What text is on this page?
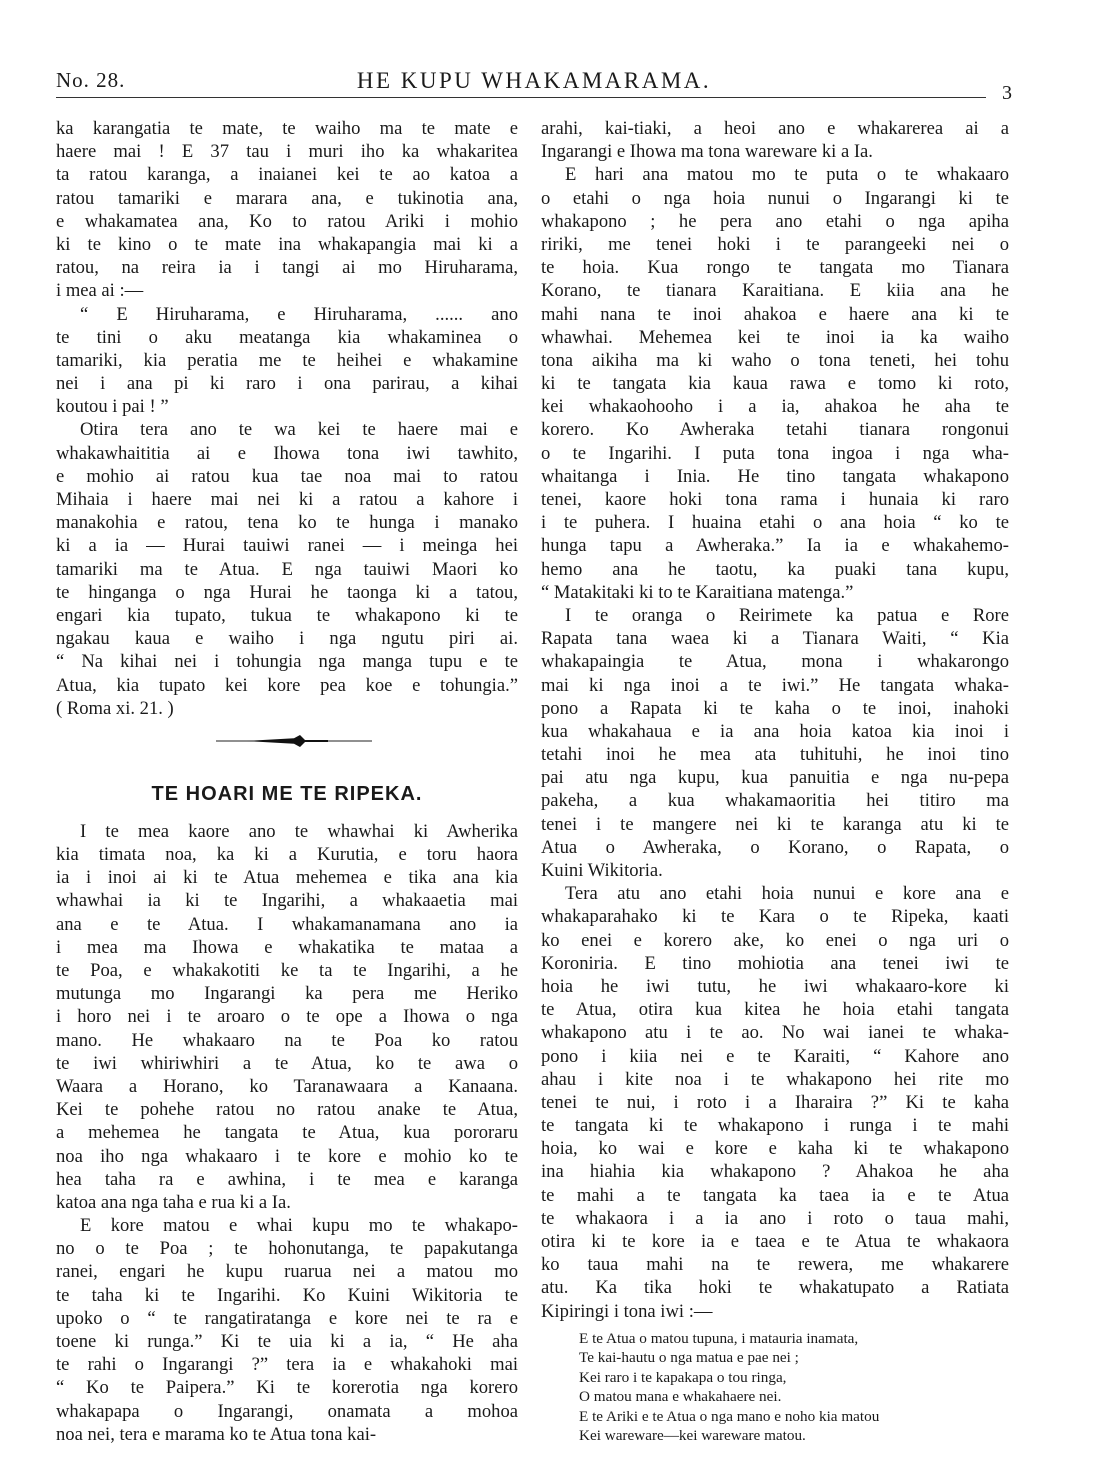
No. 28.	HE KUPU WHAKAMARAMA.	3
ka karangatia te mate, te waiho ma te mate e
haere mai ! E 37 tau i muri iho ka whakaritea
ta ratou karanga, a inaianei kei te ao katoa a
ratou tamariki e marara ana, e tukinotia ana,
e whakamatea ana, Ko to ratou Ariki i mohio
ki te kino o te mate ina whakapangia mai ki a
ratou, na reira ia i tangi ai mo Hiruharama,
i mea ai :—
“ E Hiruharama, e Hiruharama, ...... ano
te tini o aku meatanga kia whakaminea o
tamariki, kia peratia me te heihei e whakamine
nei i ana pi ki raro i ona parirau, a kihai
koutou i pai ! ”
Otira tera ano te wa kei te haere mai e
whakawhaititia ai e Ihowa tona iwi tawhito,
e mohio ai ratou kua tae noa mai to ratou
Mihaia i haere mai nei ki a ratou a kahore i
manakohia e ratou, tena ko te hunga i manako
ki a ia — Hurai tauiwi ranei — i meinga hei
tamariki ma te Atua. E nga tauiwi Maori ko
te hinganga o nga Hurai he taonga ki a tatou,
engari kia tupato, tukua te whakapono ki te
ngakau kaua e waiho i nga ngutu piri ai.
“ Na kihai nei i tohungia nga manga tupu e te
Atua, kia tupato kei kore pea koe e tohungia.”
( Roma xi. 21. )
TE HOARI ME TE RIPEKA.
I te mea kaore ano te whawhai ki Awherika
kia timata noa, ka ki a Kurutia, e toru haora
ia i inoi ai ki te Atua mehemea e tika ana kia
whawhai ia ki te Ingarihi, a whakaaetia mai
ana e te Atua. I whakamanamana ano ia
i mea ma Ihowa e whakatika te mataa a
te Poa, e whakakotiti ke ta te Ingarihi, a he
mutunga mo Ingarangi ka pera me Heriko
i horo nei i te aroaro o te ope a Ihowa o nga
mano. He whakaaro na te Poa ko ratou
te iwi whiriwhiri a te Atua, ko te awa o
Waara a Horano, ko Taranawaara a Kanaana.
Kei te pohehe ratou no ratou anake te Atua,
a mehemea he tangata te Atua, kua pororaru
noa iho nga whakaaro i te kore e mohio ko te
hea taha ra e awhina, i te mea e karanga
katoa ana nga taha e rua ki a Ia.
E kore matou e whai kupu mo te whakapo-
no o te Poa ; te hohonutanga, te papakutanga
ranei, engari he kupu ruarua nei a matou mo
te taha ki te Ingarihi. Ko Kuini Wikitoria te
upoko o “ te rangatiratanga e kore nei te ra e
toene ki runga.” Ki te uia ki a ia, “ He aha
te rahi o Ingarangi ?” tera ia e whakahoki mai
“ Ko te Paipera.” Ki te korerotia nga korero
whakapapa o Ingarangi, onamata a mohoa
noa nei, tera e marama ko te Atua tona kai-
arahi, kai-tiaki, a heoi ano e whakarerea ai a
Ingarangi e Ihowa ma tona wareware ki a Ia.
E hari ana matou mo te puta o te whakaaro
o etahi o nga hoia nunui o Ingarangi ki te
whakapono ; he pera ano etahi o nga apiha
ririki, me tenei hoki i te parangeeki nei o
te hoia. Kua rongo te tangata mo Tianara
Korano, te tianara Karaitiana. E kiia ana he
mahi nana te inoi ahakoa e haere ana ki te
whawhai. Mehemea kei te inoi ia ka waiho
tona aikiha ma ki waho o tona teneti, hei tohu
ki te tangata kia kaua rawa e tomo ki roto,
kei whakaohooho i a ia, ahakoa he aha te
korero. Ko Awheraka tetahi tianara rongonui
o te Ingarihi. I puta tona ingoa i nga wha-
whaitanga i Inia. He tino tangata whakapono
tenei, kaore hoki tona rama i hunaia ki raro
i te puhera. I huaina etahi o ana hoia “ ko te
hunga tapu a Awheraka.” Ia ia e whakahemo-
hemo ana he taotu, ka puaki tana kupu,
“ Matakitaki ki to te Karaitiana matenga.”
I te oranga o Reirimete ka patua e Rore
Rapata tana waea ki a Tianara Waiti, “ Kia
whakapaingia te Atua, mona i whakarongo
mai ki nga inoi a te iwi.” He tangata whaka-
pono a Rapata ki te kaha o te inoi, inahoki
kua whakahaua e ia ana hoia katoa kia inoi i
tetahi inoi he mea ata tuhituhi, he inoi tino
pai atu nga kupu, kua panuitia e nga nu-pepa
pakeha, a kua whakamaoritia hei titiro ma
tenei i te mangere nei ki te karanga atu ki te
Atua o Awheraka, o Korano, o Rapata, o
Kuini Wikitoria.
Tera atu ano etahi hoia nunui e kore ana e
whakaparahako ki te Kara o te Ripeka, kaati
ko enei e korero ake, ko enei o nga uri o
Koroniria. E tino mohiotia ana tenei iwi te
hoia he iwi tutu, he iwi whakaaro-kore ki
te Atua, otira kua kitea he hoia etahi tangata
whakapono atu i te ao. No wai ianei te whaka-
pono i kiia nei e te Karaiti, “ Kahore ano
ahau i kite noa i te whakapono hei rite mo
tenei te nui, i roto i a Iharaira ?” Ki te kaha
te tangata ki te whakapono i runga i te mahi
hoia, ko wai e kore e kaha ki te whakapono
ina hiahia kia whakapono ? Ahakoa he aha
te mahi a te tangata ka taea ia e te Atua
te whakaora i a ia ano i roto o taua mahi,
otira ki te kore ia e taea e te Atua te whakaora
ko taua mahi na te rewera, me whakarere
atu. Ka tika hoki te whakatupato a Ratiata
Kipiringi i tona iwi :—
E te Atua o matou tupuna, i matauria inamata,
Te kai-hautu o nga matua e pae nei ;
Kei raro i te kapakapa o tou ringa,
O matou mana e whakahaere nei.
E te Ariki e te Atua o nga mano e noho kia matou
Kei wareware—kei wareware matou.
